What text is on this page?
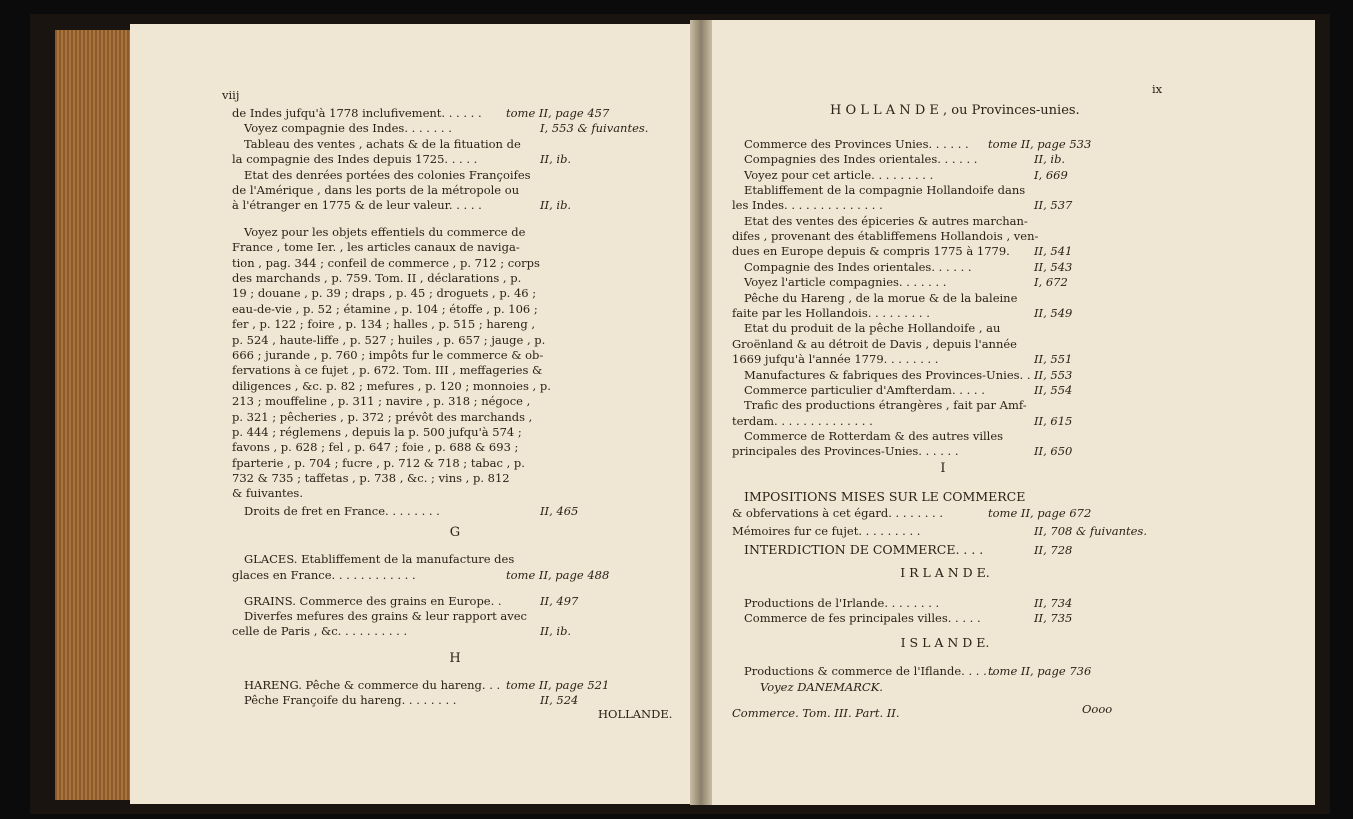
viij
de Indes jufqu'à 1778 inclufivement. . . . . .
Voyez compagnie des Indes. . . . . . .
Tableau des ventes , achats & de la fituation de
la compagnie des Indes depuis 1725. . . . .
Etat des denrées portées des colonies Françoifes
de l'Amérique , dans les ports de la métropole ou
à l'étranger en 1775 & de leur valeur. . . . .
Voyez pour les objets effentiels du commerce de
France , tome Ier. , les articles canaux de naviga-
tion , pag. 344 ; confeil de commerce , p. 712 ; corps
des marchands , p. 759. Tom. II , déclarations , p.
19 ; douane , p. 39 ; draps , p. 45 ; droguets , p. 46 ;
eau-de-vie , p. 52 ; étamine , p. 104 ; étoffe , p. 106 ;
fer , p. 122 ; foire , p. 134 ; halles , p. 515 ; hareng ,
p. 524 , haute-liffe , p. 527 ; huiles , p. 657 ; jauge , p.
666 ; jurande , p. 760 ; impôts fur le commerce & ob-
fervations à ce fujet , p. 672. Tom. III , meffageries &
diligences , &c. p. 82 ; mefures , p. 120 ; monnoies , p.
213 ; mouffeline , p. 311 ; navire , p. 318 ; négoce ,
p. 321 ; pêcheries , p. 372 ; prévôt des marchands ,
p. 444 ; réglemens , depuis la p. 500 jufqu'à 574 ;
favons , p. 628 ; fel , p. 647 ; foie , p. 688 & 693 ;
fparterie , p. 704 ; fucre , p. 712 & 718 ; tabac , p.
732 & 735 ; taffetas , p. 738 , &c. ; vins , p. 812
& fuivantes.
Droits de fret en France. . . . . . . .
G
GLACES. Etabliffement de la manufacture des
glaces en France. . . . . . . . . . . .
GRAINS. Commerce des grains en Europe. .
Diverfes mefures des grains & leur rapport avec
celle de Paris , &c. . . . . . . . . .
H
HARENG. Pêche & commerce du hareng. . .
Pêche Françoife du hareng. . . . . . . .
HOLLANDE.
tome II, page 457
I, 553 & fuivantes.
II, ib.
II, ib.
II, 465
tome II, page 488
II, 497
II, ib.
tome II, page 521
II, 524
ix
H O L L A N D E , ou Provinces-unies.
Commerce des Provinces Unies. . . . . .
Compagnies des Indes orientales. . . . . .
Voyez pour cet article. . . . . . . . .
Etabliffement de la compagnie Hollandoife dans
les Indes. . . . . . . . . . . . . .
Etat des ventes des épiceries & autres marchan-
difes , provenant des établiffemens Hollandois , ven-
dues en Europe depuis & compris 1775 à 1779.
Compagnie des Indes orientales. . . . . .
Voyez l'article compagnies. . . . . . .
Pêche du Hareng , de la morue & de la baleine
faite par les Hollandois. . . . . . . . .
Etat du produit de la pêche Hollandoife , au
Groënland & au détroit de Davis , depuis l'année
1669 jufqu'à l'année 1779. . . . . . . .
Manufactures & fabriques des Provinces-Unies. .
Commerce particulier d'Amfterdam. . . . .
Trafic des productions étrangères , fait par Amf-
terdam. . . . . . . . . . . . . .
Commerce de Rotterdam & des autres villes
principales des Provinces-Unies. . . . . .
I
IMPOSITIONS MISES SUR LE COMMERCE
& obfervations à cet égard. . . . . . . .
Mémoires fur ce fujet. . . . . . . . .
INTERDICTION DE COMMERCE. . . .
I R L A N D E.
Productions de l'Irlande. . . . . . . .
Commerce de fes principales villes. . . . .
I S L A N D E.
Productions & commerce de l'Iflande. . . . .
Voyez DANEMARCK.
Commerce. Tom. III. Part. II.	Oooo
tome II, page 533
II, ib.
I, 669
II, 537
II, 541
II, 543
I, 672
II, 549
II, 551
II, 553
II, 554
II, 615
II, 650
tome II, page 672
II, 708 & fuivantes.
II, 728
II, 734
II, 735
tome II, page 736
